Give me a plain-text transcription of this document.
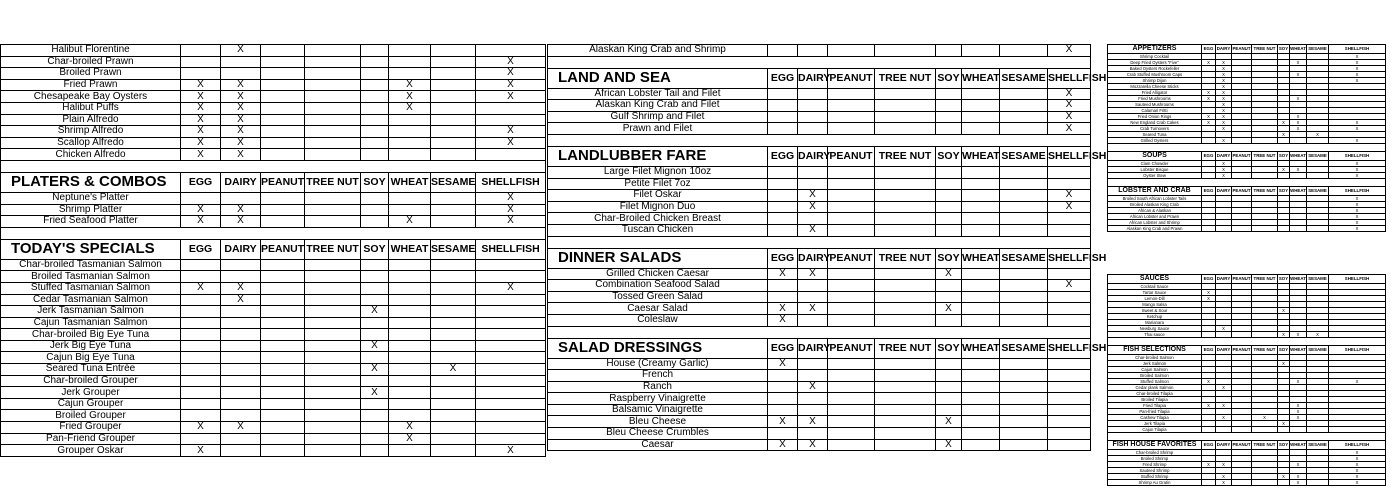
Halibut Florentine		X						
Char-broiled Prawn								X
Broiled Prawn								X
Fried Prawn	X	X				X		X
Chesapeake Bay Oysters	X	X				X		X
Halibut Puffs	X	X				X		
Plain Alfredo	X	X						
Shrimp Alfredo	X	X						X
Scallop Alfredo	X	X						X
Chicken Alfredo	X	X						

PLATERS & COMBOS	EGG	DAIRY	PEANUT	TREE NUT	SOY	WHEAT	SESAME	SHELLFISH
Neptune's Platter								X
Shrimp Platter	X	X						X
Fried Seafood Platter	X	X				X		X

TODAY'S SPECIALS	EGG	DAIRY	PEANUT	TREE NUT	SOY	WHEAT	SESAME	SHELLFISH
Char-broiled Tasmanian Salmon								
Broiled Tasmanian Salmon								
Stuffed Tasmanian Salmon	X	X						X
Cedar Tasmanian Salmon		X						
Jerk Tasmanian Salmon					X			
Cajun Tasmanian Salmon								
Char-broiled Big Eye Tuna								
Jerk Big Eye Tuna					X			
Cajun Big Eye Tuna								
Seared Tuna Entrée					X		X	
Char-broiled Grouper								
Jerk Grouper					X			
Cajun Grouper								
Broiled Grouper								
Fried Grouper	X	X				X		
Pan-Friend Grouper						X		
Grouper Oskar	X							X
Alaskan King Crab and Shrimp								X

LAND AND SEA	EGG	DAIRY	PEANUT	TREE NUT	SOY	WHEAT	SESAME	SHELLFISH
African Lobster Tail and Filet								X
Alaskan King Crab and Filet								X
Gulf Shrimp and Filet								X
Prawn and Filet								X

LANDLUBBER FARE	EGG	DAIRY	PEANUT	TREE NUT	SOY	WHEAT	SESAME	SHELLFISH
Large Filet Mignon 10oz								
Petite Filet 7oz								
Filet Oskar		X						X
Filet Mignon Duo		X						X
Char-Broiled Chicken Breast								
Tuscan Chicken		X						

DINNER SALADS	EGG	DAIRY	PEANUT	TREE NUT	SOY	WHEAT	SESAME	SHELLFISH
Grilled Chicken Caesar	X	X			X			
Combination Seafood Salad								X
Tossed Green Salad								
Caesar Salad	X	X			X			
Coleslaw	X							

SALAD DRESSINGS	EGG	DAIRY	PEANUT	TREE NUT	SOY	WHEAT	SESAME	SHELLFISH
House (Creamy Garlic)	X							
French								
Ranch		X						
Raspberry Vinaigrette								
Balsamic Vinaigrette								
Bleu Cheese	X	X			X			
Bleu Cheese Crumbles								
Caesar	X	X			X			
APPETIZERS	EGG	DAIRY	PEANUT	TREE NUT	SOY	WHEAT	SESAME	SHELLFISH
Shrimp Cocktail								X
Deep Fried Oysters "Five"	X	X				X		X
Baked Oysters Rockefeller		X						X
Crab Stuffed Mushroom Caps		X				X		X
Shrimp Dijon		X						X
Mozzarella Cheese Sticks		X						
Fried Alligator	X	X						
Fried Mushrooms	X	X				X		
Sauteed Mushrooms		X						
Calamari Fritti		X						
Fried Onion Rings	X	X				X		
New England Crab Cakes	X	X			X	X		X
Crab Turnovers		X				X		X
Seared Tuna					X		X	
Grilled Oysters		X						X

SOUPS	EGG	DAIRY	PEANUT	TREE NUT	SOY	WHEAT	SESAME	SHELLFISH
Clam Chowder		X						X
Lobster Bisque		X			X	X		X
Oyster Stew		X						X

LOBSTER AND CRAB	EGG	DAIRY	PEANUT	TREE NUT	SOY	WHEAT	SESAME	SHELLFISH
Broiled South African Lobster Tails								X
Broiled Alaskan King Crab								X
African & Alaskan								X
African Lobster and Prawn								X
African Lobster and Shrimp								X
Alaskan King Crab and Prawn								X
SAUCES	EGG	DAIRY	PEANUT	TREE NUT	SOY	WHEAT	SESAME	SHELLFISH
Cocktail Sauce								
Tartar Sauce	X							
Lemon-Dill	X							
Mango Salsa								
Sweet & Sour					X			
Ketchup								
Marianara								
Newburg Sauce		X						
Thai sauce					X	X	X	

FISH SELECTIONS	EGG	DAIRY	PEANUT	TREE NUT	SOY	WHEAT	SESAME	SHELLFISH
Char-broiled Salmon								
Jerk Salmon					X			
Cajun Salmon								
Broiled Salmon								
Stuffed Salmon	X					X		X
Cedar plank Salmon		X						
Char-broiled Tilapia								
Broiled Tilapia								
Fried Tilapia	X	X				X		
Pan-fried Tilapia						X		
Cashew Tilapia		X		X		X		
Jerk Tilapia					X			
Cajun Tilapia								

FISH HOUSE FAVORITES	EGG	DAIRY	PEANUT	TREE NUT	SOY	WHEAT	SESAME	SHELLFISH
Char-broiled Shrimp								X
Broiled Shrimp								X
Fried Shrimp	X	X				X		X
Sauteed Shrimp								X
Stuffed Shrimp		X			X	X		X
Shrimp Au Gratin		X				X		X
